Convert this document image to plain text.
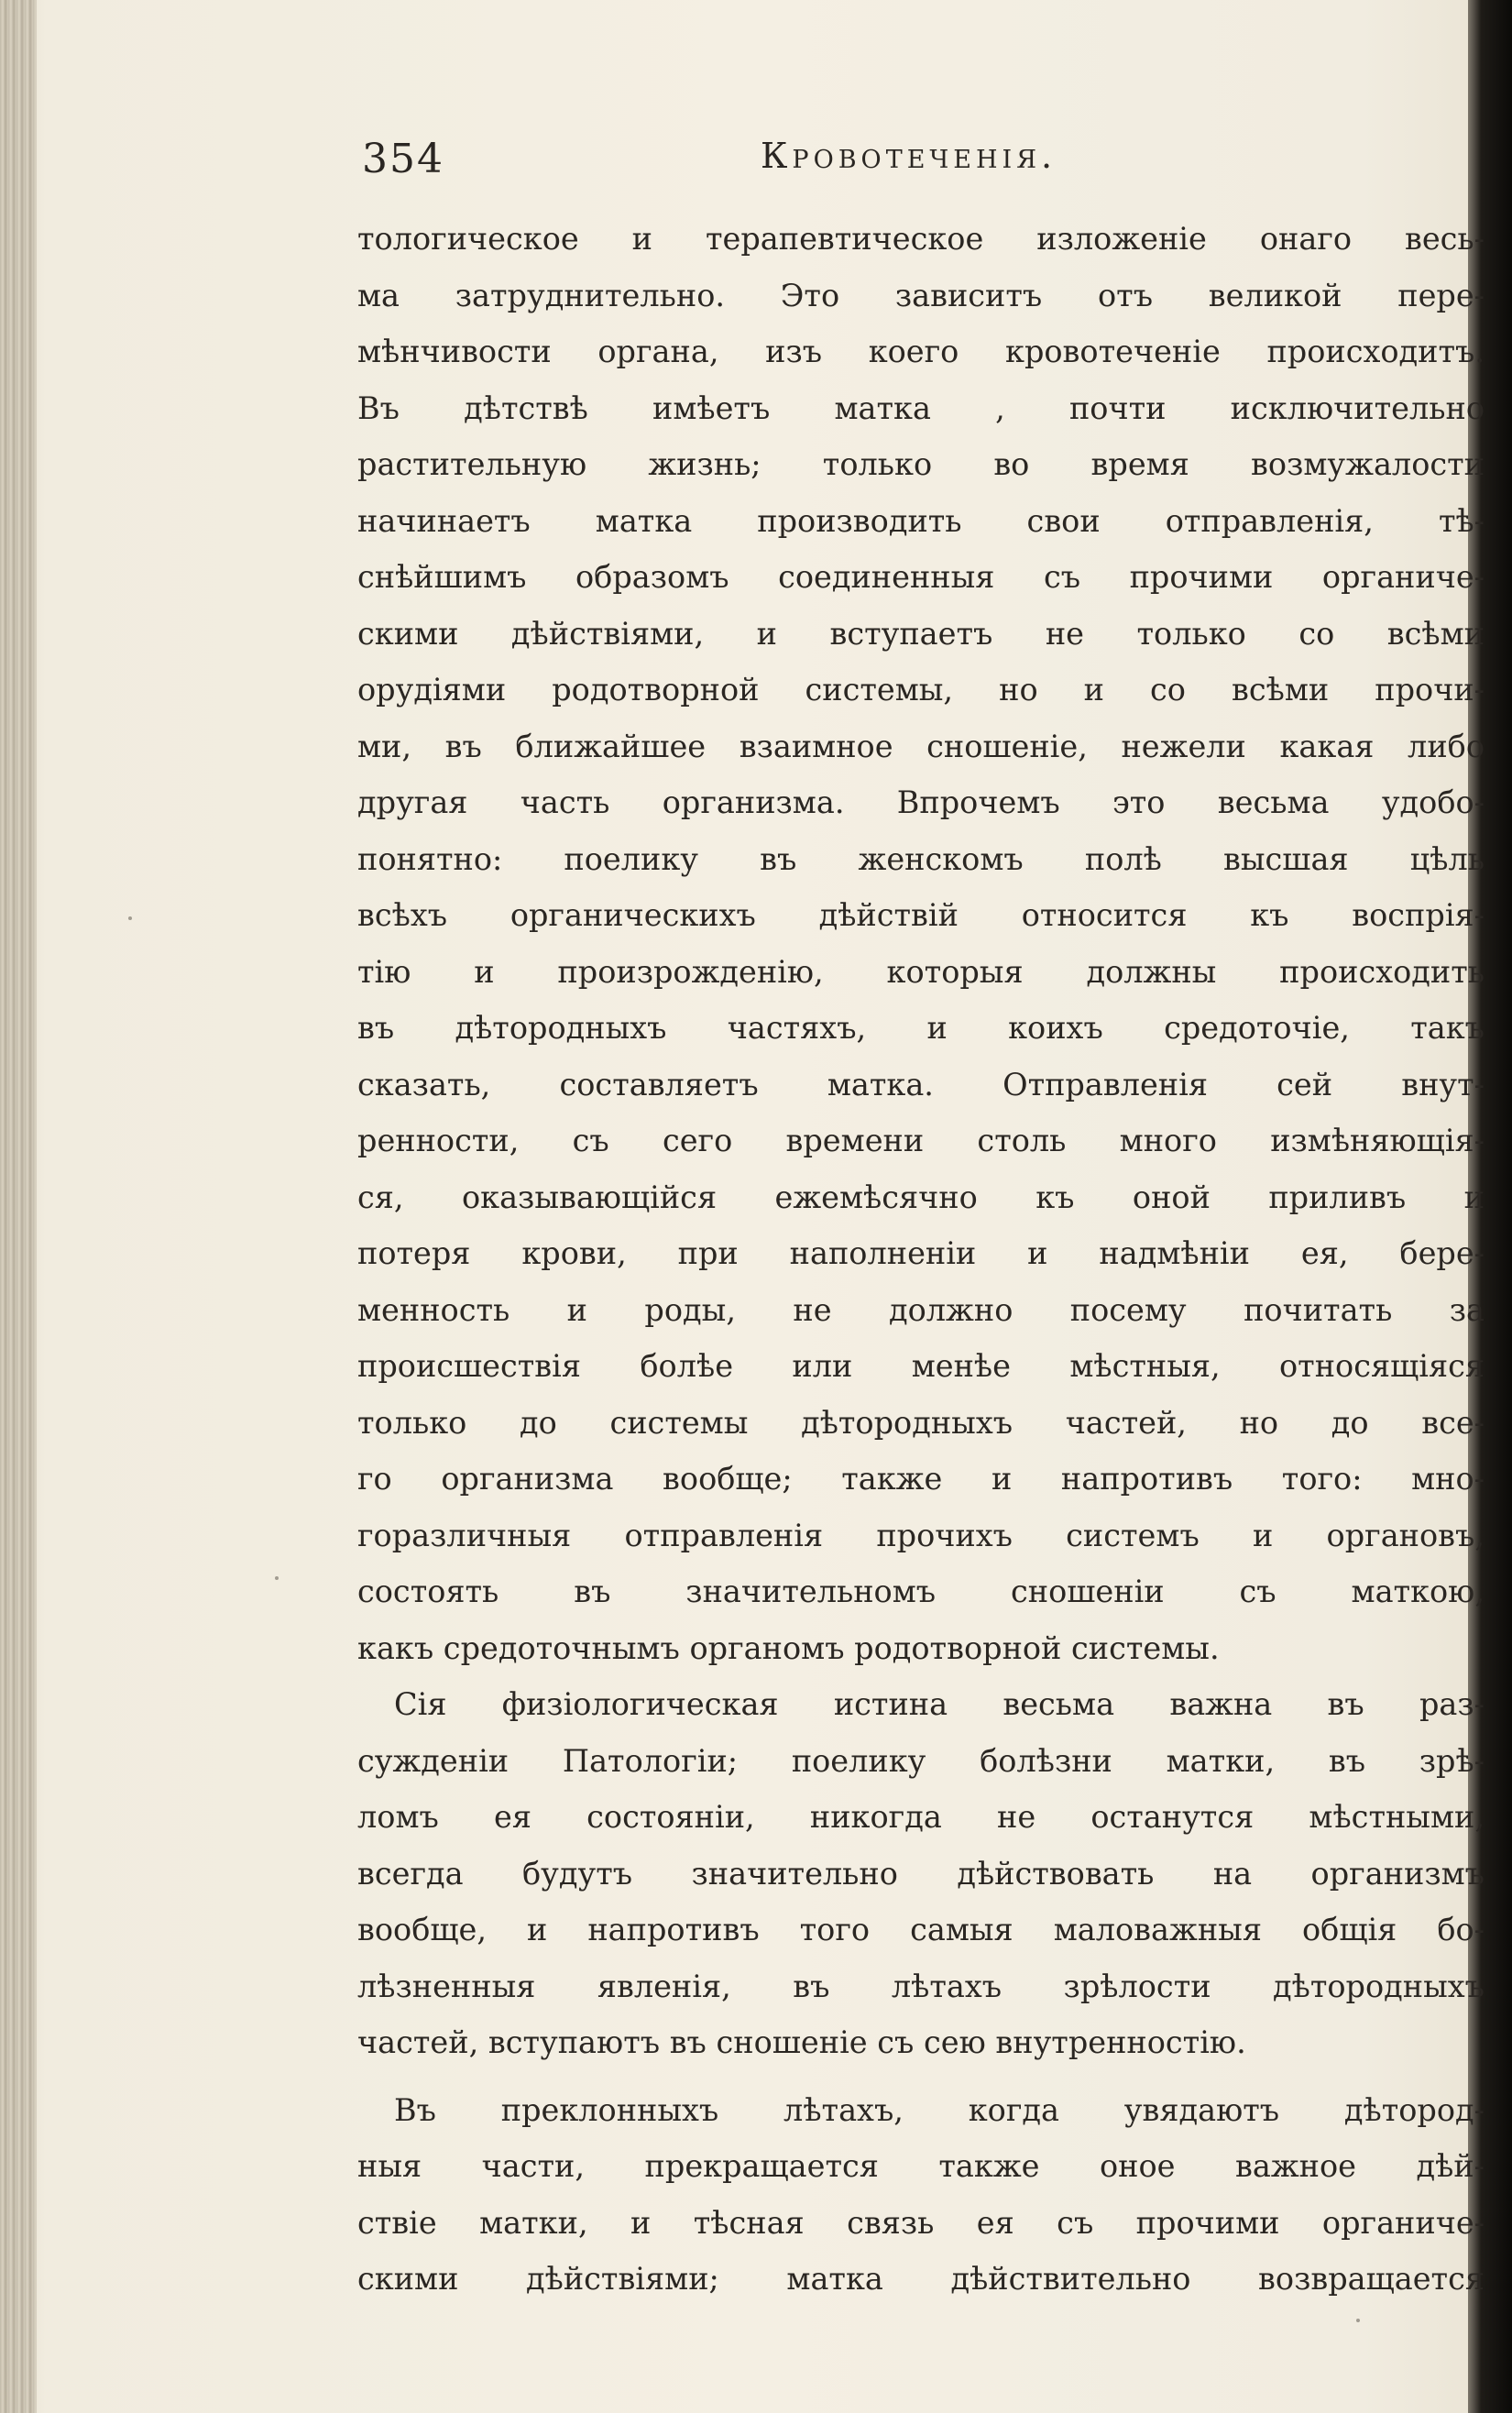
354	Кровотеченія.
тологическое и терапевтическое изложеніе онаго весь-
ма затруднительно. Это зависитъ отъ великой пере-
мѣнчивости органа, изъ коего кровотеченіе происходитъ.
Въ дѣтствѣ имѣетъ матка , почти исключительно
растительную жизнь; только во время возмужалости
начинаетъ матка производить свои отправленія, тѣ-
снѣйшимъ образомъ соединенныя съ прочими органиче-
скими дѣйствіями, и вступаетъ не только со всѣми
орудіями родотворной системы, но и со всѣми прочи-
ми, въ ближайшее взаимное сношеніе, нежели какая либо
другая часть организма. Впрочемъ это весьма удобо-
понятно: поелику въ женскомъ полѣ высшая цѣль
всѣхъ органическихъ дѣйствій относится къ воспрія-
тію и произрожденію, которыя должны происходить
въ дѣторoдныхъ частяхъ, и коихъ средоточіе, такъ
сказать, составляетъ матка. Отправленія сей внут-
ренности, съ сего времени столь много измѣняющія-
ся, оказывающійся ежемѣсячно къ оной приливъ и
потеря крови, при наполненіи и надмѣніи ея, бере-
менность и роды, не должно посему почитать за
происшествія болѣе или менѣе мѣстныя, относящіяся
только до системы дѣтородныхъ частей, но до все-
го организма вообще; также и напротивъ того: мно-
горазличныя отправленія прочихъ системъ и органовъ,
состоять въ значительномъ сношеніи съ маткою,
какъ средоточнымъ органомъ родотворной системы.
Сія физіологическая истина весьма важна въ раз-
сужденіи Патологіи; поелику болѣзни матки, въ зрѣ-
ломъ ея состояніи, никогда не останутся мѣстными,
всегда будутъ значительно дѣйствовать на организмъ
вообще, и напротивъ того самыя маловажныя общія бо-
лѣзненныя явленія, въ лѣтахъ зрѣлости дѣтородныхъ
частей, вступаютъ въ сношеніе съ сею внутренностію.
Въ преклонныхъ лѣтахъ, когда увядаютъ дѣторoд-
ныя части, прекращается также оное важное дѣй-
ствіе матки, и тѣсная связь ея съ прочими органиче-
скими дѣйствіями; матка дѣйствительно возвращается
